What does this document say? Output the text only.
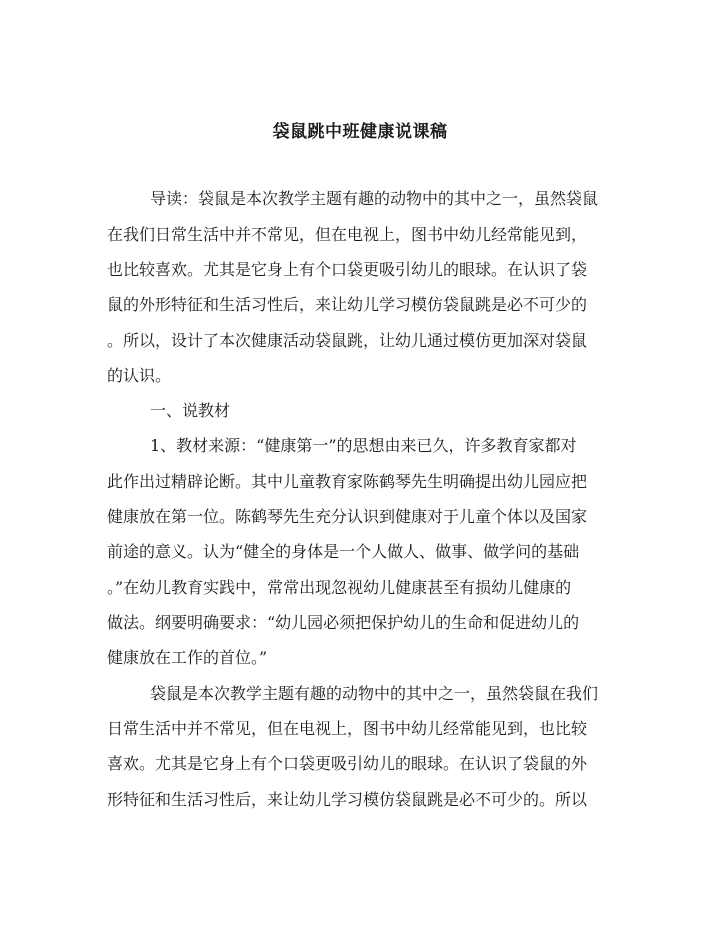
袋鼠跳中班健康说课稿

导读：袋鼠是本次教学主题有趣的动物中的其中之一，虽然袋鼠

在我们日常生活中并不常见，但在电视上，图书中幼儿经常能见到，

也比较喜欢。尤其是它身上有个口袋更吸引幼儿的眼球。在认识了袋

鼠的外形特征和生活习性后，来让幼儿学习模仿袋鼠跳是必不可少的

。所以，设计了本次健康活动袋鼠跳，让幼儿通过模仿更加深对袋鼠

的认识。

一、说教材

1、教材来源：“健康第一”的思想由来已久，许多教育家都对

此作出过精辟论断。其中儿童教育家陈鹤琴先生明确提出幼儿园应把

健康放在第一位。陈鹤琴先生充分认识到健康对于儿童个体以及国家

前途的意义。认为“健全的身体是一个人做人、做事、做学问的基础

。”在幼儿教育实践中，常常出现忽视幼儿健康甚至有损幼儿健康的

做法。纲要明确要求：“幼儿园必须把保护幼儿的生命和促进幼儿的

健康放在工作的首位。”

袋鼠是本次教学主题有趣的动物中的其中之一，虽然袋鼠在我们

日常生活中并不常见，但在电视上，图书中幼儿经常能见到，也比较

喜欢。尤其是它身上有个口袋更吸引幼儿的眼球。在认识了袋鼠的外

形特征和生活习性后，来让幼儿学习模仿袋鼠跳是必不可少的。所以
